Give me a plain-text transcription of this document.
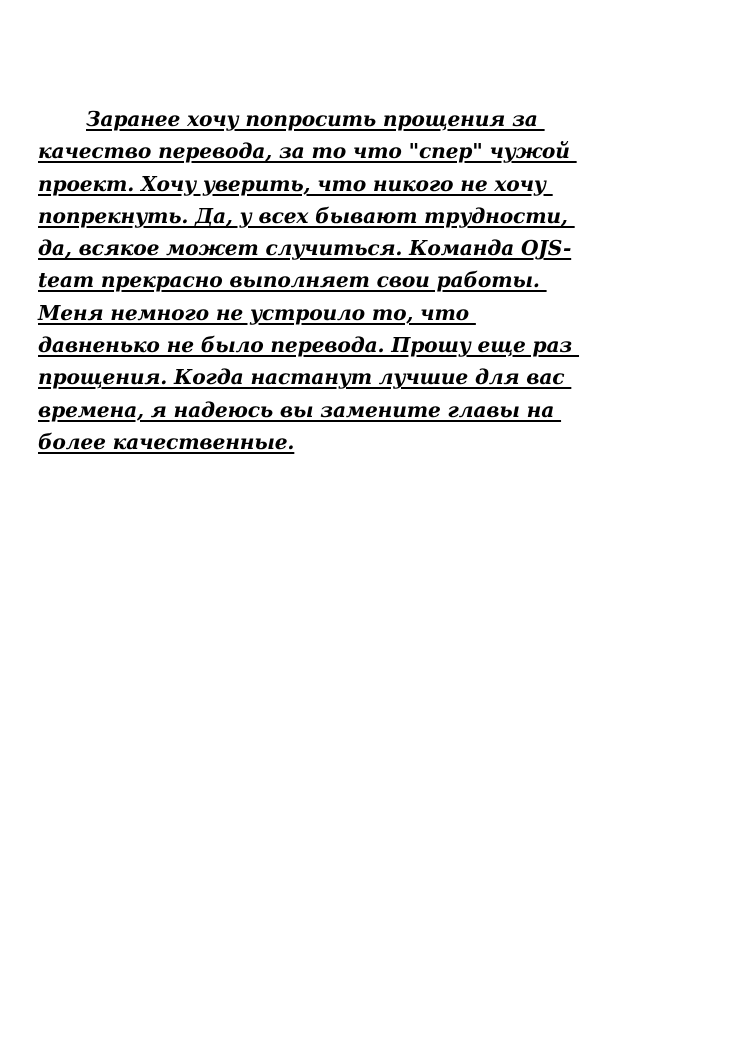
Заранее хочу попросить прощения за
качество перевода, за то что "спер" чужой
проект. Хочу уверить, что никого не хочу
попрекнуть. Да, у всех бывают трудности,
да, всякое может случиться. Команда OJS-
team прекрасно выполняет свои работы.
Меня немного не устроило то, что
давненько не было перевода. Прошу еще раз
прощения. Когда настанут лучшие для вас
времена, я надеюсь вы замените главы на
более качественные.
